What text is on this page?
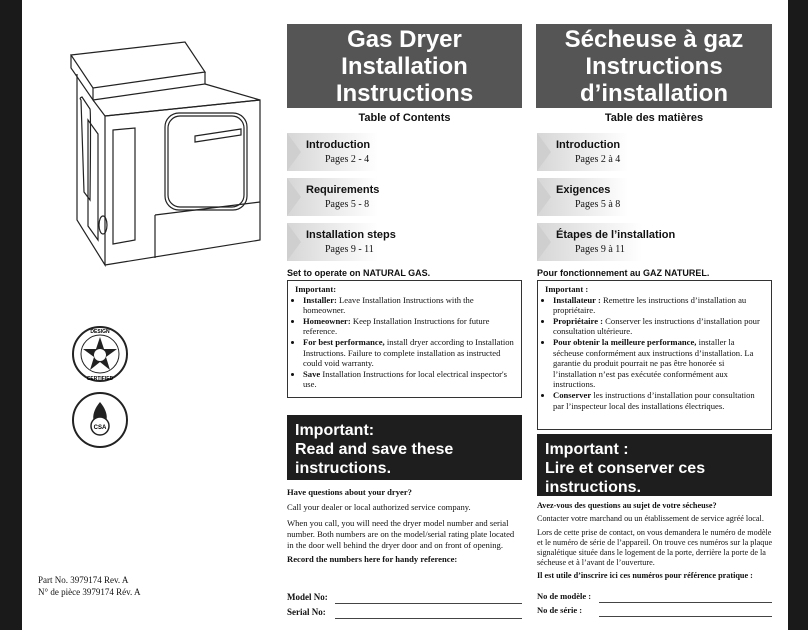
DESIGN
CERTIFIED
CSA
Part No. 3979174 Rev. A
N° de pièce 3979174 Rév. A
Gas Dryer
Installation
Instructions
Table of Contents
Introduction
Pages 2 - 4
Requirements
Pages 5 - 8
Installation steps
Pages 9 - 11
Set to operate on NATURAL GAS.
Important:
• Installer: Leave Installation Instructions with the homeowner.
• Homeowner: Keep Installation Instructions for future reference.
• For best performance, install dryer according to Installation Instructions. Failure to complete installation as instructed could void warranty.
• Save Installation Instructions for local electrical inspector's use.
Important:
Read and save these
instructions.
Have questions about your dryer?
Call your dealer or local authorized service company.
When you call, you will need the dryer model number and serial number. Both numbers are on the model/serial rating plate located in the door well behind the dryer door and on front of opening.
Record the numbers here for handy reference:
Model No:
Serial No:
Sécheuse à gaz
Instructions
d’installation
Table des matières
Introduction
Pages 2 à 4
Exigences
Pages 5 à 8
Étapes de l’installation
Pages 9 à 11
Pour fonctionnement au GAZ NATUREL.
Important :
• Installateur : Remettre les instructions d’installation au propriétaire.
• Propriétaire : Conserver les instructions d’installation pour consultation ultérieure.
• Pour obtenir la meilleure performance, installer la sécheuse conformément aux instructions d’installation. La garantie du produit pourrait ne pas être honorée si l’installation n’est pas exécutée conformément aux instructions.
• Conserver les instructions d’installation pour consultation par l’inspecteur local des installations électriques.
Important :
Lire et conserver ces
instructions.
Avez-vous des questions au sujet de votre sécheuse?
Contacter votre marchand ou un établissement de service agréé local.
Lors de cette prise de contact, on vous demandera le numéro de modèle et le numéro de série de l’appareil. On trouve ces numéros sur la plaque signalétique située dans le logement de la porte, derrière la porte de la sécheuse et à l’avant de l’ouverture.
Il est utile d’inscrire ici ces numéros pour référence pratique :
No de modèle :
No de série :
